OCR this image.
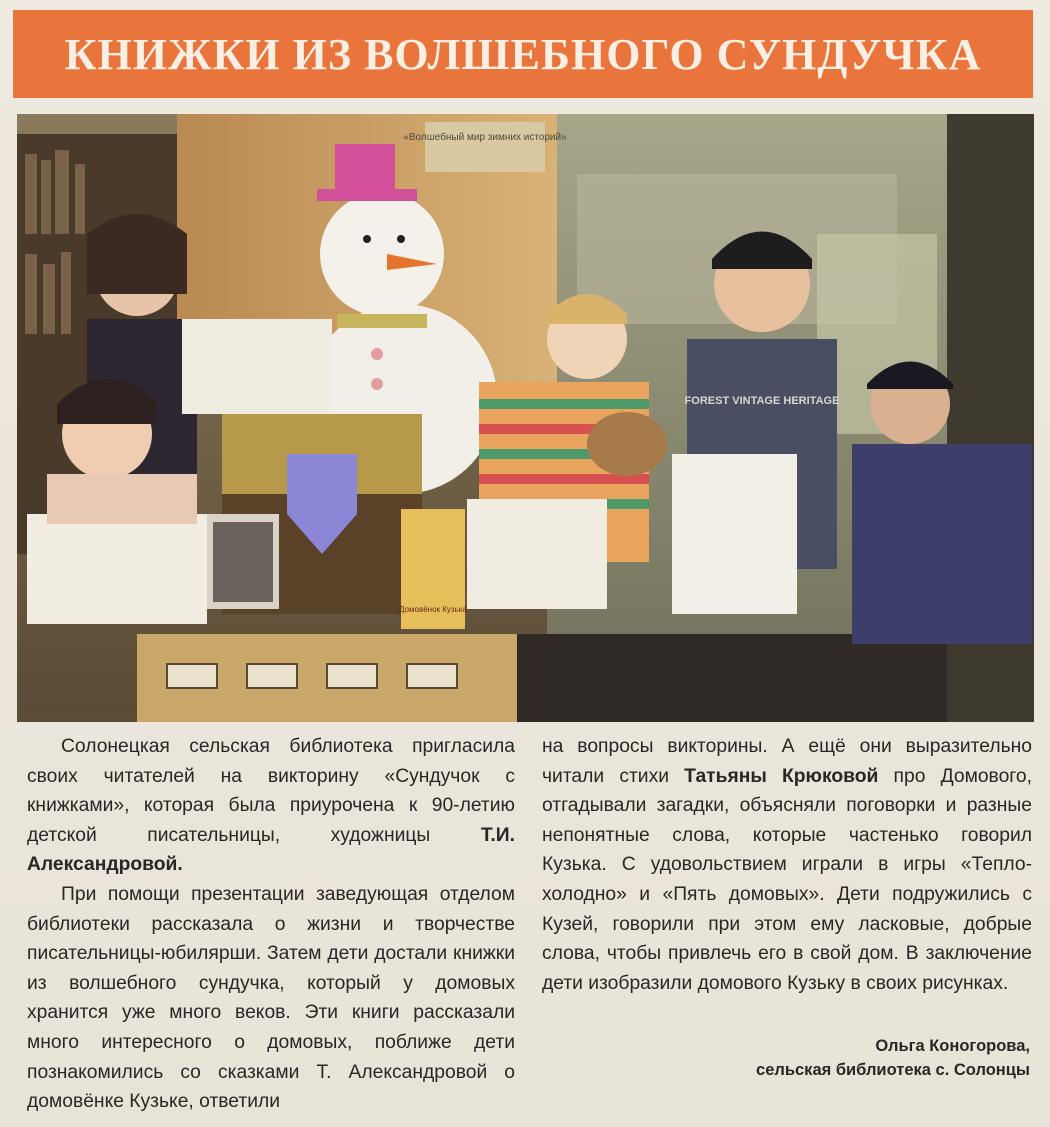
КНИЖКИ ИЗ ВОЛШЕБНОГО СУНДУЧКА
«Волшебный мир зимних историй»
Домовёнок Кузька
FOREST VINTAGE HERITAGE

Солонецкая сельская библиотека пригласила своих читателей на викторину «Сундучок с книжками», которая была приурочена к 90-летию детской писательницы, художницы Т.И. Александровой.

При помощи презентации заведующая отделом библиотеки рассказала о жизни и творчестве писательницы-юбилярши. Затем дети достали книжки из волшебного сундучка, который у домовых хранится уже много веков. Эти книги рассказали много интересного о домовых, поближе дети познакомились со сказками Т. Александровой о домовёнке Кузьке, ответили

на вопросы викторины. А ещё они выразительно читали стихи Татьяны Крюковой про Домового, отгадывали загадки, объясняли поговорки и разные непонятные слова, которые частенько говорил Кузька. С удовольствием играли в игры «Тепло-холодно» и «Пять домовых». Дети подружились с Кузей, говорили при этом ему ласковые, добрые слова, чтобы привлечь его в свой дом. В заключение дети изобразили домового Кузьку в своих рисунках.

Ольга Коногорова,
сельская библиотека с. Солонцы
